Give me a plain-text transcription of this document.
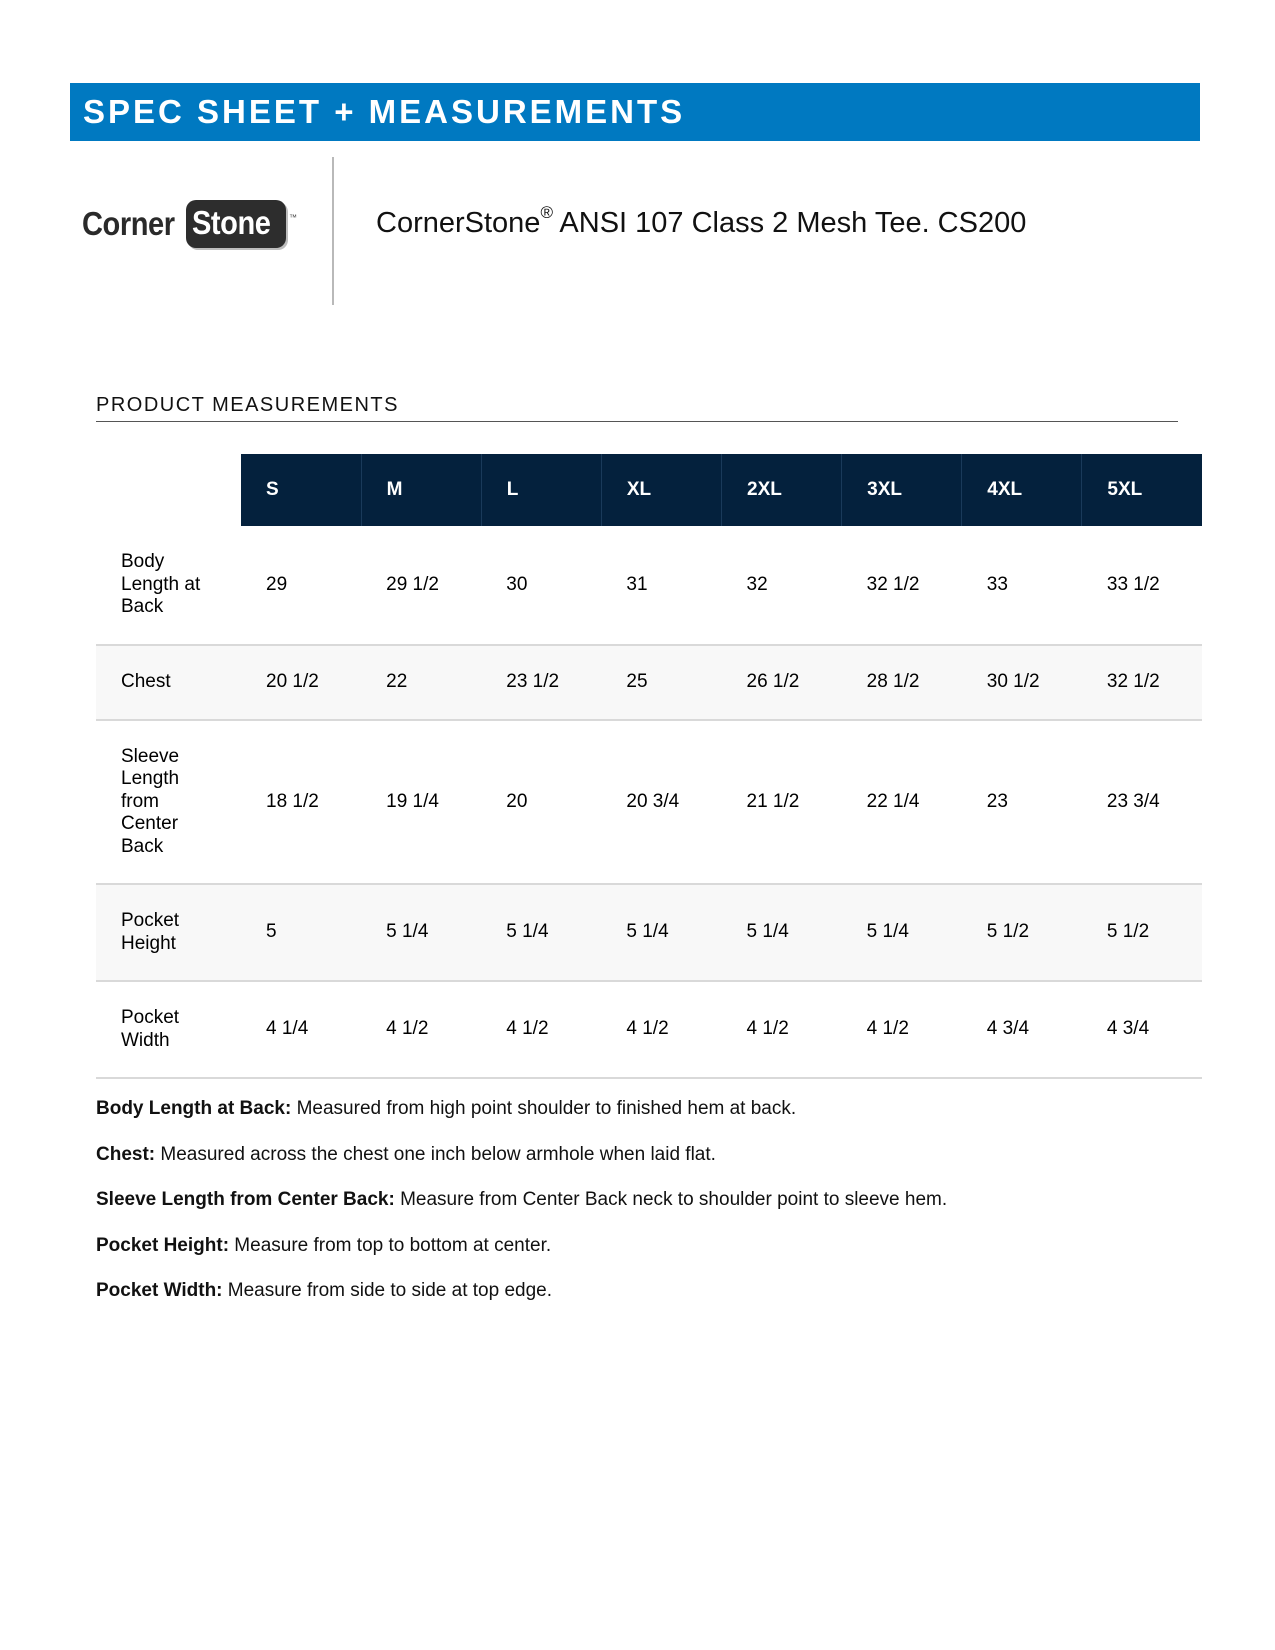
SPEC SHEET + MEASUREMENTS
Corner Stone	™	CornerStone® ANSI 107 Class 2 Mesh Tee. CS200
PRODUCT MEASUREMENTS
	S	M	L	XL	2XL	3XL	4XL	5XL

Body Length at Back	29	29 1/2	30	31	32	32 1/2	33	33 1/2

Chest	20 1/2	22	23 1/2	25	26 1/2	28 1/2	30 1/2	32 1/2

Sleeve Length from Center Back	18 1/2	19 1/4	20	20 3/4	21 1/2	22 1/4	23	23 3/4

Pocket Height	5	5 1/4	5 1/4	5 1/4	5 1/4	5 1/4	5 1/2	5 1/2

Pocket Width	4 1/4	4 1/2	4 1/2	4 1/2	4 1/2	4 1/2	4 3/4	4 3/4

Body Length at Back: Measured from high point shoulder to finished hem at back.

Chest: Measured across the chest one inch below armhole when laid flat.

Sleeve Length from Center Back: Measure from Center Back neck to shoulder point to sleeve hem.

Pocket Height: Measure from top to bottom at center.

Pocket Width: Measure from side to side at top edge.
